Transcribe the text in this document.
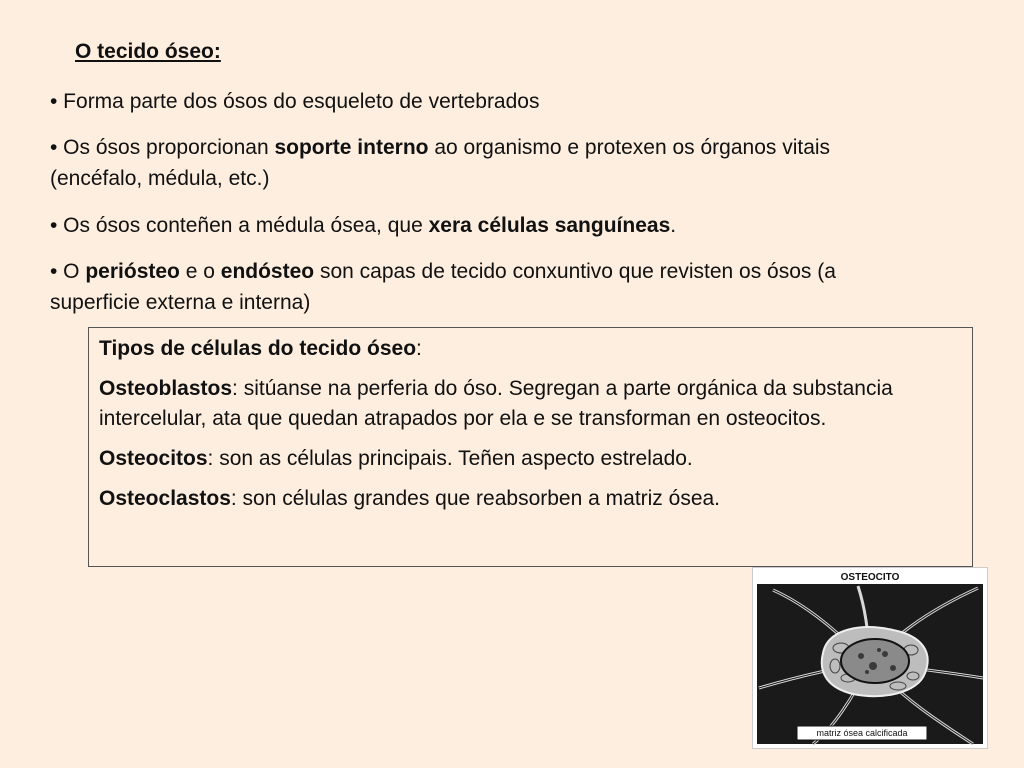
O tecido óseo:
• Forma parte dos ósos do esqueleto de vertebrados
• Os ósos proporcionan soporte interno ao organismo e protexen os órganos vitais (encéfalo, médula, etc.)
• Os ósos conteñen a médula ósea, que xera células sanguíneas.
• O periósteo e o endósteo son capas de tecido conxuntivo que revisten os ósos (a superficie externa e interna)

Tipos de células do tecido óseo:

Osteoblastos: sitúanse na perferia do óso. Segregan a parte orgánica da substancia intercelular, ata que quedan atrapados por ela e se transforman en osteocitos.

Osteocitos: son as células principais. Teñen aspecto estrelado.

Osteoclastos: son células grandes que reabsorben a matriz ósea.

OSTEOCITO
matriz ósea calcificada
